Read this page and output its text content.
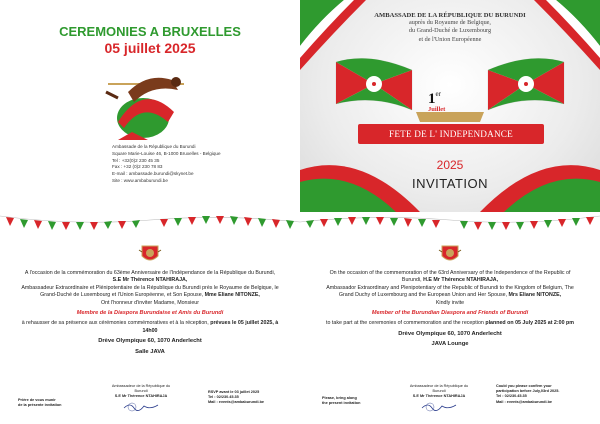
CEREMONIES A BRUXELLES
05 juillet 2025
Ambassade de la République du Burundi
Square Marie-Louise 46, B-1000 Bruxelles - Belgique
Tel : +32(0)2 230 45 35
Fax : +32 (0)2 230 78 83
E-mail : ambassade.burundi@skynet.be
Site : www.ambaburundi.be
AMBASSADE DE LA RÉPUBLIQUE DU BURUNDI
auprès du Royaume de Belgique,
du Grand-Duché de Luxembourg
et de l'Union Européenne
1er
Juillet
FETE DE L' INDEPENDANCE
2025
INVITATION
A l'occasion de la commémoration du 63ème Anniversaire de l'Indépendance de la République du Burundi, S.E Mr Thérence NTAHIRAJA,
Ambassadeur Extraordinaire et Plénipotentiaire de la République du Burundi près le Royaume de Belgique, le Grand-Duché de Luxembourg et l'Union Européenne, et Son Epouse, Mme Eliane NITONZE,
Ont l'honneur d'inviter Madame, Monsieur
Membre de la Diaspora Burundaise et Amis du Burundi
à rehausser de sa présence aux cérémonies commémoratives et à la réception, prévues le 05 juillet 2025, à 14h00
Drève Olympique 60, 1070 Anderlecht
Salle JAVA
Prière de vous munir
de la présente invitation
Ambassadeur de la République du Burundi
S.E Mr Thérence NTAHIRAJA
RSVP avant le 03 juillet 2025
Tel : 02/230.45.35
Mail : events@ambaburundi.be
On the occasion of the commemoration of the 63rd Anniversary of the Independence of the Republic of Burundi, H.E Mr Thérence NTAHIRAJA,
Ambassador Extraordinary and Plenipotentiary of the Republic of Burundi to the Kingdom of Belgium, The Grand Duchy of Luxembourg and the European Union and Her Spouse, Mrs Eliane NITONZE,
Kindly invite
Member of the Burundian Diaspora and Friends of Burundi
to take part at the ceremonies of commemoration and the reception planned on 05 July 2025 at 2:00 pm
Drève Olympique 60, 1070 Anderlecht
JAVA Lounge
Please, bring along
the present invitation
Ambassadeur de la République du Burundi
S.E Mr Thérence NTAHIRAJA
Could you please confirm your
participation before July,03rd 2025.
Tel : 02/230.45.35
Mail : events@ambaburundi.be
